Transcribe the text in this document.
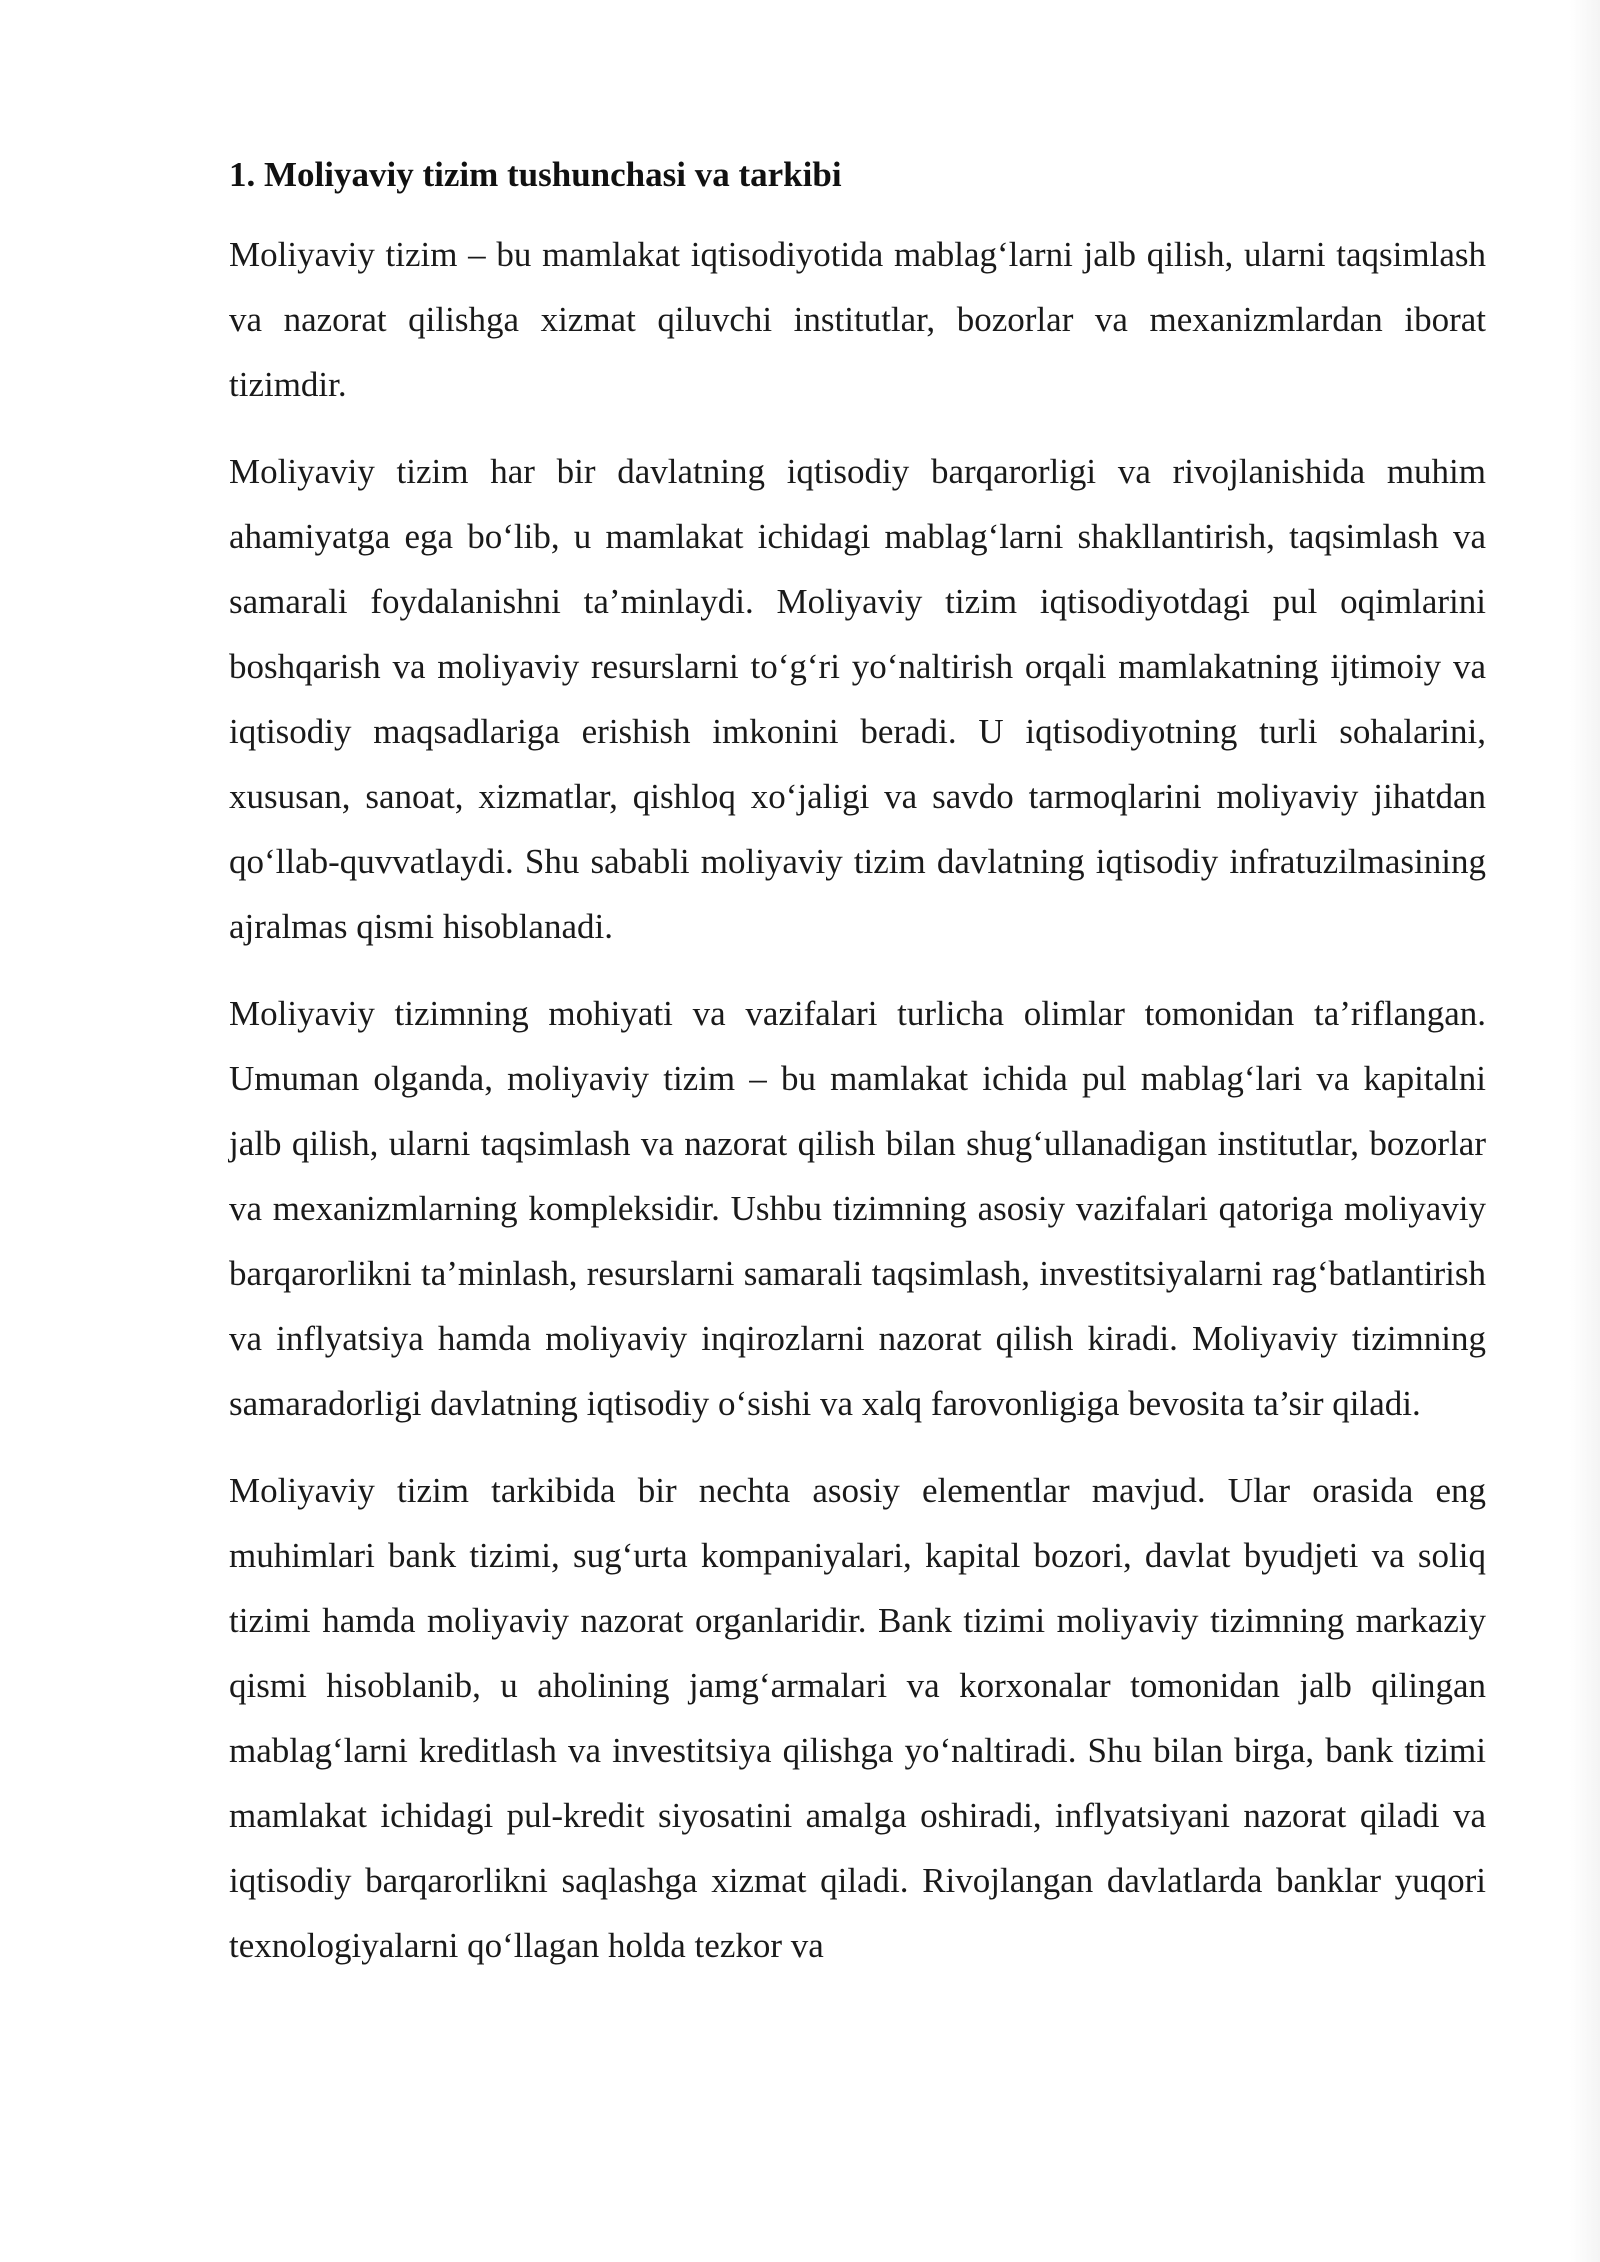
1. Moliyaviy tizim tushunchasi va tarkibi

Moliyaviy tizim – bu mamlakat iqtisodiyotida mablag‘larni jalb qilish, ularni taqsimlash va nazorat qilishga xizmat qiluvchi institutlar, bozorlar va mexanizmlardan iborat tizimdir.

Moliyaviy tizim har bir davlatning iqtisodiy barqarorligi va rivojlanishida muhim ahamiyatga ega bo‘lib, u mamlakat ichidagi mablag‘larni shakllantirish, taqsimlash va samarali foydalanishni ta’minlaydi. Moliyaviy tizim iqtisodiyotdagi pul oqimlarini boshqarish va moliyaviy resurslarni to‘g‘ri yo‘naltirish orqali mamlakatning ijtimoiy va iqtisodiy maqsadlariga erishish imkonini beradi. U iqtisodiyotning turli sohalarini, xususan, sanoat, xizmatlar, qishloq xo‘jaligi va savdo tarmoqlarini moliyaviy jihatdan qo‘llab-quvvatlaydi. Shu sababli moliyaviy tizim davlatning iqtisodiy infratuzilmasining ajralmas qismi hisoblanadi.

Moliyaviy tizimning mohiyati va vazifalari turlicha olimlar tomonidan ta’riflangan. Umuman olganda, moliyaviy tizim – bu mamlakat ichida pul mablag‘lari va kapitalni jalb qilish, ularni taqsimlash va nazorat qilish bilan shug‘ullanadigan institutlar, bozorlar va mexanizmlarning kompleksidir. Ushbu tizimning asosiy vazifalari qatoriga moliyaviy barqarorlikni ta’minlash, resurslarni samarali taqsimlash, investitsiyalarni rag‘batlantirish va inflyatsiya hamda moliyaviy inqirozlarni nazorat qilish kiradi. Moliyaviy tizimning samaradorligi davlatning iqtisodiy o‘sishi va xalq farovonligiga bevosita ta’sir qiladi.

Moliyaviy tizim tarkibida bir nechta asosiy elementlar mavjud. Ular orasida eng muhimlari bank tizimi, sug‘urta kompaniyalari, kapital bozori, davlat byudjeti va soliq tizimi hamda moliyaviy nazorat organlaridir. Bank tizimi moliyaviy tizimning markaziy qismi hisoblanib, u aholining jamg‘armalari va korxonalar tomonidan jalb qilingan mablag‘larni kreditlash va investitsiya qilishga yo‘naltiradi. Shu bilan birga, bank tizimi mamlakat ichidagi pul-kredit siyosatini amalga oshiradi, inflyatsiyani nazorat qiladi va iqtisodiy barqarorlikni saqlashga xizmat qiladi. Rivojlangan davlatlarda banklar yuqori texnologiyalarni qo‘llagan holda tezkor va
